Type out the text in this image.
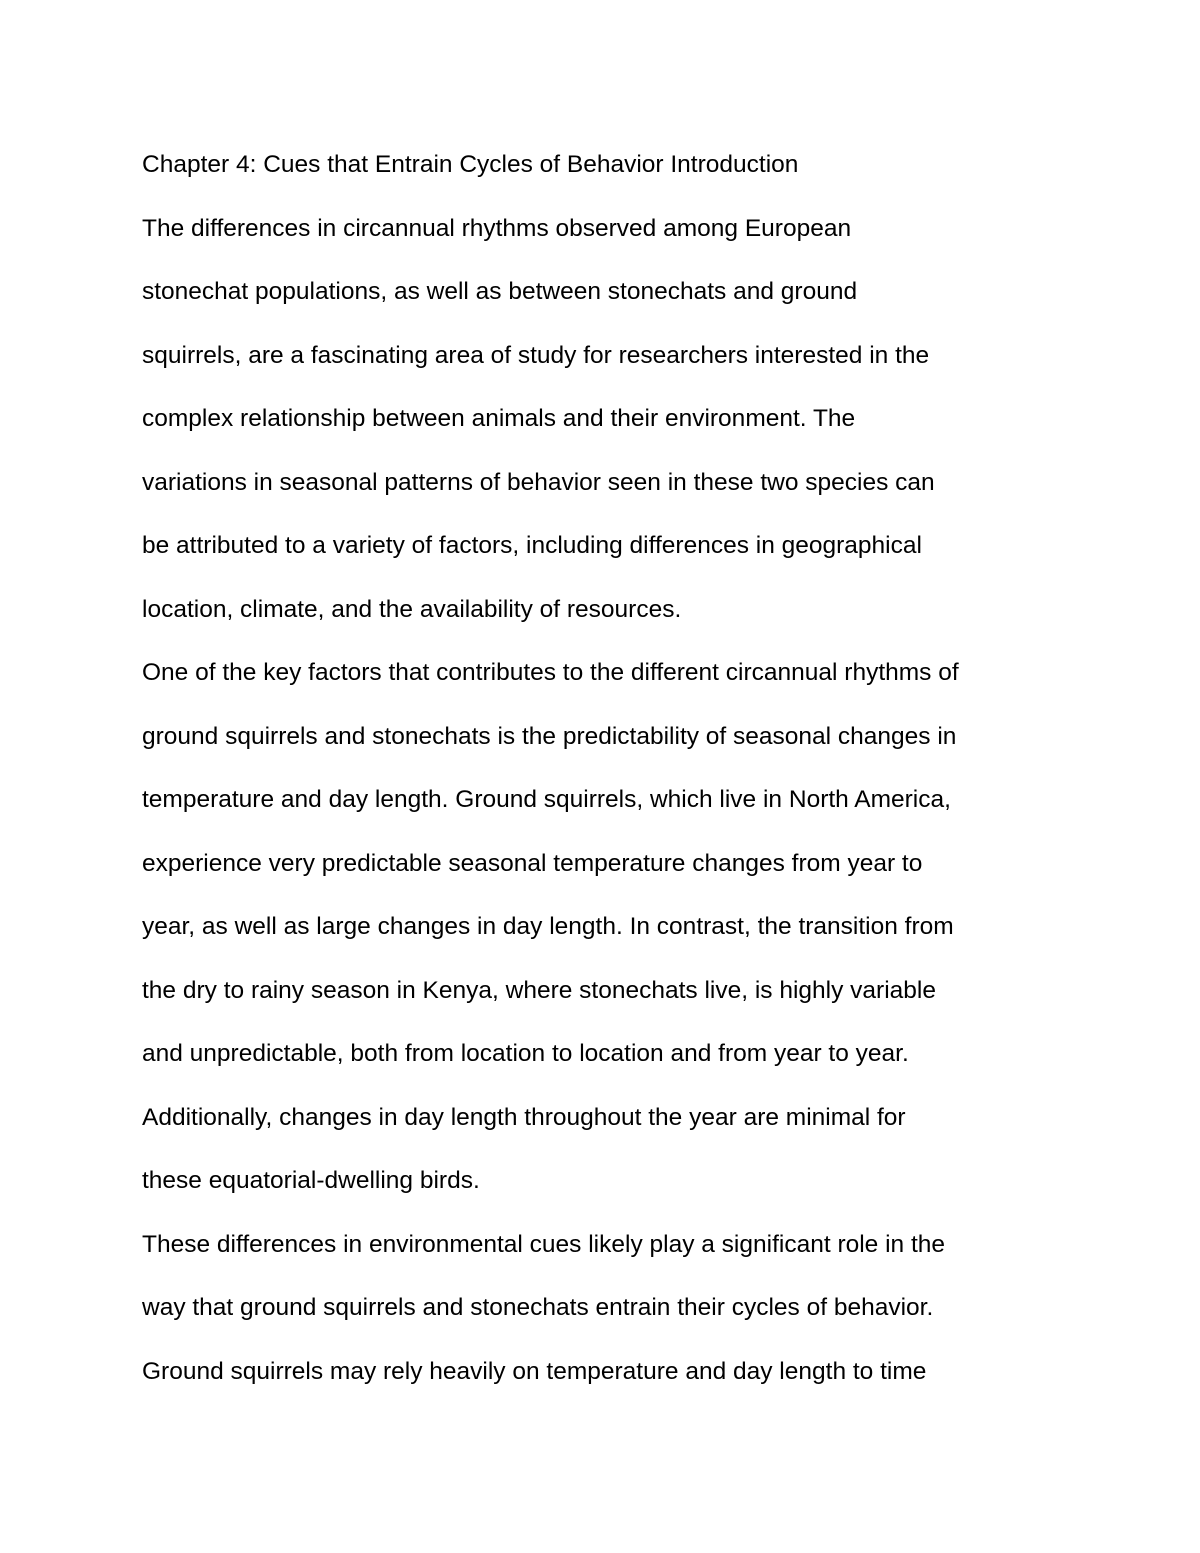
Chapter 4: Cues that Entrain Cycles of Behavior Introduction
The differences in circannual rhythms observed among European
stonechat populations, as well as between stonechats and ground
squirrels, are a fascinating area of study for researchers interested in the
complex relationship between animals and their environment. The
variations in seasonal patterns of behavior seen in these two species can
be attributed to a variety of factors, including differences in geographical
location, climate, and the availability of resources.
One of the key factors that contributes to the different circannual rhythms of
ground squirrels and stonechats is the predictability of seasonal changes in
temperature and day length. Ground squirrels, which live in North America,
experience very predictable seasonal temperature changes from year to
year, as well as large changes in day length. In contrast, the transition from
the dry to rainy season in Kenya, where stonechats live, is highly variable
and unpredictable, both from location to location and from year to year.
Additionally, changes in day length throughout the year are minimal for
these equatorial-dwelling birds.
These differences in environmental cues likely play a significant role in the
way that ground squirrels and stonechats entrain their cycles of behavior.
Ground squirrels may rely heavily on temperature and day length to time
